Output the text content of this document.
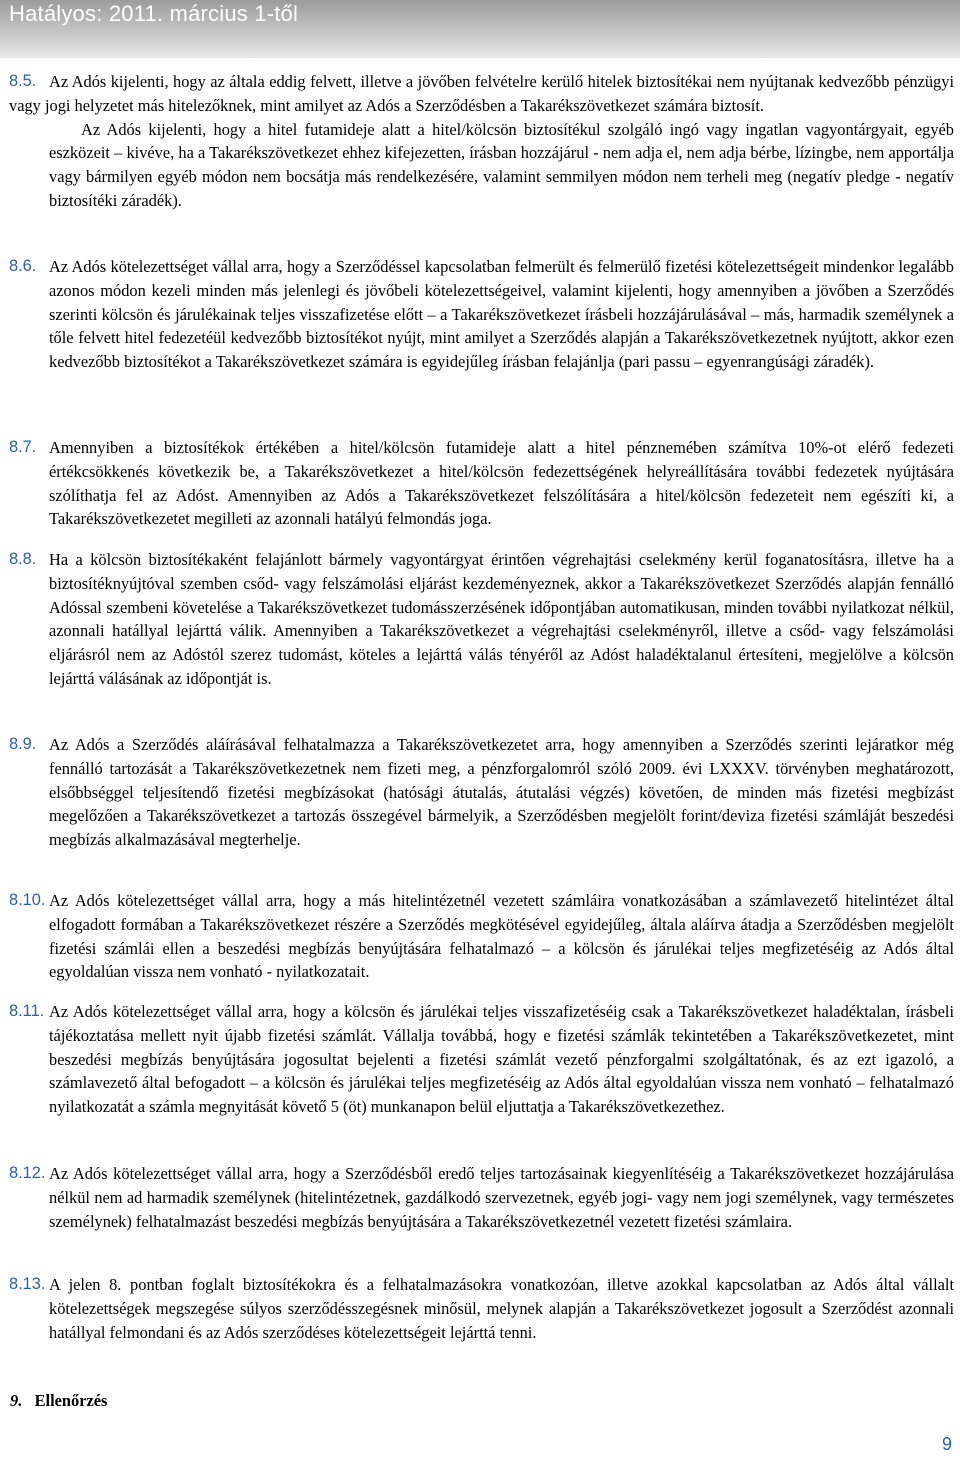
Hatályos: 2011. március 1-től
8.5. Az Adós kijelenti, hogy az általa eddig felvett, illetve a jövőben felvételre kerülő hitelek biztosítékai nem nyújtanak kedvezőbb pénzügyi vagy jogi helyzetet más hitelezőknek, mint amilyet az Adós a Szerződésben a Takarékszövetkezet számára biztosít.

Az Adós kijelenti, hogy a hitel futamideje alatt a hitel/kölcsön biztosítékul szolgáló ingó vagy ingatlan vagyontárgyait, egyéb eszközeit – kivéve, ha a Takarékszövetkezet ehhez kifejezetten, írásban hozzájárul - nem adja el, nem adja bérbe, lízingbe, nem apportálja vagy bármilyen egyéb módon nem bocsátja más rendelkezésére, valamint semmilyen módon nem terheli meg (negatív pledge - negatív biztosítéki záradék).

8.6. Az Adós kötelezettséget vállal arra, hogy a Szerződéssel kapcsolatban felmerült és felmerülő fizetési kötelezettségeit mindenkor legalább azonos módon kezeli minden más jelenlegi és jövőbeli kötelezettségeivel, valamint kijelenti, hogy amennyiben a jövőben a Szerződés szerinti kölcsön és járulékainak teljes visszafizetése előtt – a Takarékszövetkezet írásbeli hozzájárulásával – más, harmadik személynek a tőle felvett hitel fedezetéül kedvezőbb biztosítékot nyújt, mint amilyet a Szerződés alapján a Takarékszövetkezetnek nyújtott, akkor ezen kedvezőbb biztosítékot a Takarékszövetkezet számára is egyidejűleg írásban felajánlja (pari passu – egyenrangúsági záradék).

8.7. Amennyiben a biztosítékok értékében a hitel/kölcsön futamideje alatt a hitel pénznemében számítva 10%-ot elérő fedezeti értékcsökkenés következik be, a Takarékszövetkezet a hitel/kölcsön fedezettségének helyreállítására további fedezetek nyújtására szólíthatja fel az Adóst. Amennyiben az Adós a Takarékszövetkezet felszólítására a hitel/kölcsön fedezeteit nem egészíti ki, a Takarékszövetkezetet megilleti az azonnali hatályú felmondás joga.

8.8. Ha a kölcsön biztosítékaként felajánlott bármely vagyontárgyat érintően végrehajtási cselekmény kerül foganatosításra, illetve ha a biztosítéknyújtóval szemben csőd- vagy felszámolási eljárást kezdeményeznek, akkor a Takarékszövetkezet Szerződés alapján fennálló Adóssal szembeni követelése a Takarékszövetkezet tudomásszerzésének időpontjában automatikusan, minden további nyilatkozat nélkül, azonnali hatállyal lejárttá válik. Amennyiben a Takarékszövetkezet a végrehajtási cselekményről, illetve a csőd- vagy felszámolási eljárásról nem az Adóstól szerez tudomást, köteles a lejárttá válás tényéről az Adóst haladéktalanul értesíteni, megjelölve a kölcsön lejárttá válásának az időpontját is.

8.9. Az Adós a Szerződés aláírásával felhatalmazza a Takarékszövetkezetet arra, hogy amennyiben a Szerződés szerinti lejáratkor még fennálló tartozását a Takarékszövetkezetnek nem fizeti meg, a pénzforgalomról szóló 2009. évi LXXXV. törvényben meghatározott, elsőbbséggel teljesítendő fizetési megbízásokat (hatósági átutalás, átutalási végzés) követően, de minden más fizetési megbízást megelőzően a Takarékszövetkezet a tartozás összegével bármelyik, a Szerződésben megjelölt forint/deviza fizetési számláját beszedési megbízás alkalmazásával megterhelje.

8.10. Az Adós kötelezettséget vállal arra, hogy a más hitelintézetnél vezetett számláira vonatkozásában a számlavezető hitelintézet által elfogadott formában a Takarékszövetkezet részére a Szerződés megkötésével egyidejűleg, általa aláírva átadja a Szerződésben megjelölt fizetési számlái ellen a beszedési megbízás benyújtására felhatalmazó – a kölcsön és járulékai teljes megfizetéséig az Adós által egyoldalúan vissza nem vonható - nyilatkozatait.

8.11. Az Adós kötelezettséget vállal arra, hogy a kölcsön és járulékai teljes visszafizetéséig csak a Takarékszövetkezet haladéktalan, írásbeli tájékoztatása mellett nyit újabb fizetési számlát. Vállalja továbbá, hogy e fizetési számlák tekintetében a Takarékszövetkezetet, mint beszedési megbízás benyújtására jogosultat bejelenti a fizetési számlát vezető pénzforgalmi szolgáltatónak, és az ezt igazoló, a számlavezető által befogadott – a kölcsön és járulékai teljes megfizetéséig az Adós által egyoldalúan vissza nem vonható – felhatalmazó nyilatkozatát a számla megnyitását követő 5 (öt) munkanapon belül eljuttatja a Takarékszövetkezethez.

8.12. Az Adós kötelezettséget vállal arra, hogy a Szerződésből eredő teljes tartozásainak kiegyenlítéséig a Takarékszövetkezet hozzájárulása nélkül nem ad harmadik személynek (hitelintézetnek, gazdálkodó szervezetnek, egyéb jogi- vagy nem jogi személynek, vagy természetes személynek) felhatalmazást beszedési megbízás benyújtására a Takarékszövetkezetnél vezetett fizetési számlaira.

8.13. A jelen 8. pontban foglalt biztosítékokra és a felhatalmazásokra vonatkozóan, illetve azokkal kapcsolatban az Adós által vállalt kötelezettségek megszegése súlyos szerződésszegésnek minősül, melynek alapján a Takarékszövetkezet jogosult a Szerződést azonnali hatállyal felmondani és az Adós szerződéses kötelezettségeit lejárttá tenni.

9. Ellenőrzés
9
